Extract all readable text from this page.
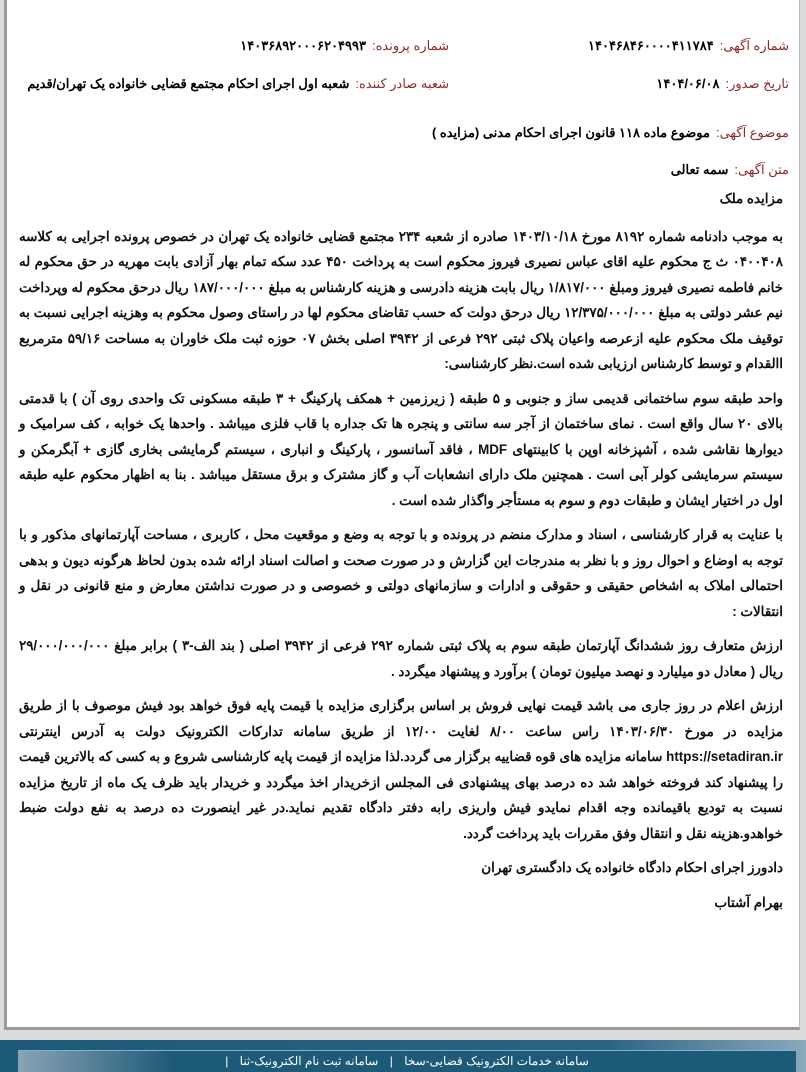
شماره آگهی:۱۴۰۴۶۸۴۶۰۰۰۰۴۱۱۷۸۴
شماره پرونده:۱۴۰۳۶۸۹۲۰۰۰۶۲۰۴۹۹۳
تاریخ صدور:۱۴۰۴/۰۶/۰۸
شعبه صادر کننده:شعبه اول اجرای احکام مجتمع قضایی خانواده یک تهران/قدیم
موضوع آگهی:موضوع ماده ۱۱۸ قانون اجرای احکام مدنی (مزایده )
متن آگهی:سمه تعالی

مزایده ملک

به موجب دادنامه شماره ۸۱۹۲ مورخ ۱۴۰۳/۱۰/۱۸ صادره از شعبه ۲۳۴ مجتمع قضایی خانواده یک تهران در خصوص پرونده اجرایی به کلاسه ۰۴۰۰۴۰۸ ث ج محکوم علیه اقای عباس نصیری فیروز محکوم است به پرداخت ۴۵۰ عدد سکه تمام بهار آزادی بابت مهریه در حق محکوم له خانم فاطمه نصیری فیروز ومبلغ ۱/۸۱۷/۰۰۰ ریال بابت هزینه دادرسی و هزینه کارشناس به مبلغ ۱۸۷/۰۰۰/۰۰۰ ریال درحق محکوم له وپرداخت نیم عشر دولتی به مبلغ ۱۲/۳۷۵/۰۰۰/۰۰۰ ریال درحق دولت که حسب تقاضای محکوم لها در راستای وصول محکوم به وهزینه اجرایی نسبت به توقیف ملک محکوم علیه ازعرصه واعیان پلاک ثبتی ۲۹۲ فرعی از ۳۹۴۲ اصلی بخش ۰۷ حوزه ثبت ملک خاوران به مساحت ۵۹/۱۶ مترمربع االقدام و توسط کارشناس ارزیابی شده است.نظر کارشناسی:

واحد طبقه سوم ساختمانی قدیمی ساز و جنوبی و ۵ طبقه ( زیرزمین + همکف پارکینگ + ۳ طبقه مسکونی تک واحدی روی آن ) با قدمتی بالای ۲۰ سال واقع است . نمای ساختمان از آجر سه سانتی و پنجره ها تک جداره با قاب فلزی میباشد . واحدها یک خوابه ، کف سرامیک و دیوارها نقاشی شده ، آشپزخانه اوپن با کابینتهای MDF ، فاقد آسانسور ، پارکینگ و انباری ، سیستم گرمایشی بخاری گازی + آبگرمکن و سیستم سرمایشی کولر آبی است . همچنین ملک دارای انشعابات آب و گاز مشترک و برق مستقل میباشد . بنا به اظهار محکوم علیه طبقه اول در اختیار ایشان و طبقات دوم و سوم به مستأجر واگذار شده است .

با عنایت به قرار کارشناسی ، اسناد و مدارک منضم در پرونده و با توجه به وضع و موقعیت محل ، کاربری ، مساحت آپارتمانهای مذکور و با توجه به اوضاع و احوال روز و با نظر به مندرجات این گزارش و در صورت صحت و اصالت اسناد ارائه شده بدون لحاظ هرگونه دیون و بدهی احتمالی املاک به اشخاص حقیقی و حقوقی و ادارات و سازمانهای دولتی و خصوصی و در صورت نداشتن معارض و منع قانونی در نقل و انتقالات :

ارزش متعارف روز ششدانگ آپارتمان طبقه سوم به پلاک ثبتی شماره ۲۹۲ فرعی از ۳۹۴۲ اصلی ( بند الف-۳ ) برابر مبلغ ۲۹/۰۰۰/۰۰۰/۰۰۰ ریال ( معادل دو میلیارد و نهصد میلیون تومان ) برآورد و پیشنهاد میگردد .

ارزش اعلام در روز جاری می باشد قیمت نهایی فروش بر اساس برگزاری مزایده با قیمت پایه فوق خواهد بود فیش موصوف با از طریق مزایده در مورخ ۱۴۰۳/۰۶/۳۰ راس ساعت ۸/۰۰ لغایت ۱۲/۰۰ از طریق سامانه تدارکات الکترونیک دولت به آدرس اینترنتی https://setadiran.ir سامانه مزایده های قوه قضاییه برگزار می گردد.لذا مزایده از قیمت پایه کارشناسی شروع و به کسی که بالاترین قیمت را پیشنهاد کند فروخته خواهد شد ده درصد بهای پیشنهادی فی المجلس ازخریدار اخذ میگردد و خریدار باید ظرف یک ماه از تاریخ مزایده نسبت به تودیع باقیمانده وجه اقدام نمایدو فیش واریزی رابه دفتر دادگاه تقدیم نماید.در غیر اینصورت ده درصد به نفع دولت ضبط خواهدو.هزینه نقل و انتقال وفق مقررات باید پرداخت گردد.

دادورز اجرای احکام دادگاه خانواده یک دادگستری تهران

بهرام آشتاب

سامانه خدمات الکترونیک قضایی-سخا | سامانه ثبت نام الکترونیک-ثنا |
